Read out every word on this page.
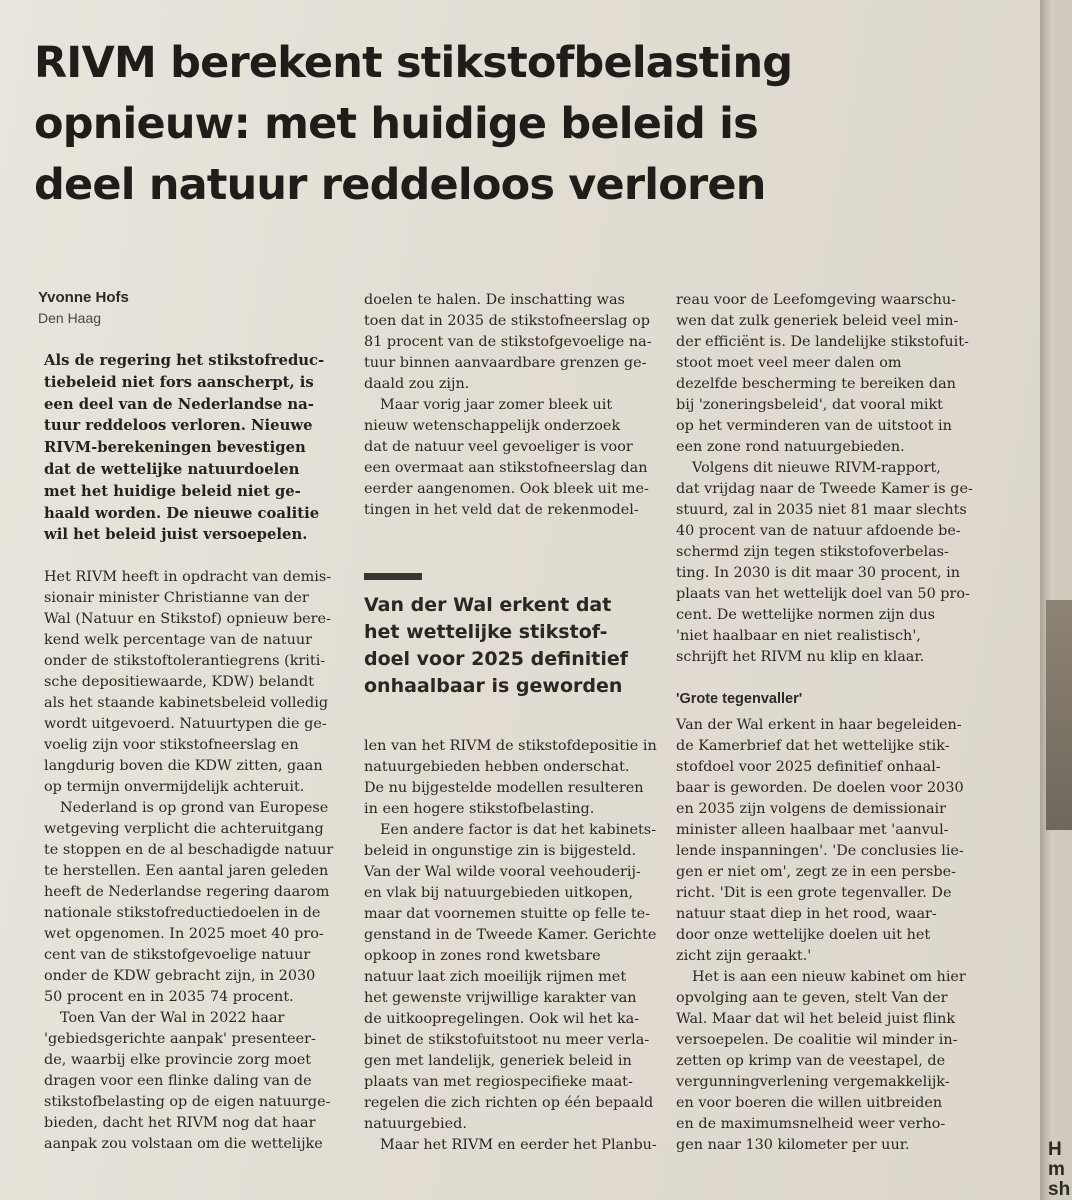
H
m
sh
RIVM berekent stikstofbelasting
opnieuw: met huidige beleid is
deel natuur reddeloos verloren
Yvonne Hofs
Den Haag
Als de regering het stikstofreduc-
tiebeleid niet fors aanscherpt, is
een deel van de Nederlandse na-
tuur reddeloos verloren. Nieuwe
RIVM-berekeningen bevestigen
dat de wettelijke natuurdoelen
met het huidige beleid niet ge-
haald worden. De nieuwe coalitie
wil het beleid juist versoepelen.
Het RIVM heeft in opdracht van demis-
sionair minister Christianne van der
Wal (Natuur en Stikstof) opnieuw bere-
kend welk percentage van de natuur
onder de stikstoftolerantiegrens (kriti-
sche depositiewaarde, KDW) belandt
als het staande kabinetsbeleid volledig
wordt uitgevoerd. Natuurtypen die ge-
voelig zijn voor stikstofneerslag en
langdurig boven die KDW zitten, gaan
op termijn onvermijdelijk achteruit.
Nederland is op grond van Europese
wetgeving verplicht die achteruitgang
te stoppen en de al beschadigde natuur
te herstellen. Een aantal jaren geleden
heeft de Nederlandse regering daarom
nationale stikstofreductiedoelen in de
wet opgenomen. In 2025 moet 40 pro-
cent van de stikstofgevoelige natuur
onder de KDW gebracht zijn, in 2030
50 procent en in 2035 74 procent.
Toen Van der Wal in 2022 haar
'gebiedsgerichte aanpak' presenteer-
de, waarbij elke provincie zorg moet
dragen voor een flinke daling van de
stikstofbelasting op de eigen natuurge-
bieden, dacht het RIVM nog dat haar
aanpak zou volstaan om die wettelijke
doelen te halen. De inschatting was
toen dat in 2035 de stikstofneerslag op
81 procent van de stikstofgevoelige na-
tuur binnen aanvaardbare grenzen ge-
daald zou zijn.
Maar vorig jaar zomer bleek uit
nieuw wetenschappelijk onderzoek
dat de natuur veel gevoeliger is voor
een overmaat aan stikstofneerslag dan
eerder aangenomen. Ook bleek uit me-
tingen in het veld dat de rekenmodel-
Van der Wal erkent dat
het wettelijke stikstof-
doel voor 2025 definitief
onhaalbaar is geworden
len van het RIVM de stikstofdepositie in
natuurgebieden hebben onderschat.
De nu bijgestelde modellen resulteren
in een hogere stikstofbelasting.
Een andere factor is dat het kabinets-
beleid in ongunstige zin is bijgesteld.
Van der Wal wilde vooral veehouderij-
en vlak bij natuurgebieden uitkopen,
maar dat voornemen stuitte op felle te-
genstand in de Tweede Kamer. Gerichte
opkoop in zones rond kwetsbare
natuur laat zich moeilijk rijmen met
het gewenste vrijwillige karakter van
de uitkoopregelingen. Ook wil het ka-
binet de stikstofuitstoot nu meer verla-
gen met landelijk, generiek beleid in
plaats van met regiospecifieke maat-
regelen die zich richten op één bepaald
natuurgebied.
Maar het RIVM en eerder het Planbu-
reau voor de Leefomgeving waarschu-
wen dat zulk generiek beleid veel min-
der efficiënt is. De landelijke stikstofuit-
stoot moet veel meer dalen om
dezelfde bescherming te bereiken dan
bij 'zoneringsbeleid', dat vooral mikt
op het verminderen van de uitstoot in
een zone rond natuurgebieden.
Volgens dit nieuwe RIVM-rapport,
dat vrijdag naar de Tweede Kamer is ge-
stuurd, zal in 2035 niet 81 maar slechts
40 procent van de natuur afdoende be-
schermd zijn tegen stikstofoverbelas-
ting. In 2030 is dit maar 30 procent, in
plaats van het wettelijk doel van 50 pro-
cent. De wettelijke normen zijn dus
'niet haalbaar en niet realistisch',
schrijft het RIVM nu klip en klaar.
'Grote tegenvaller'
Van der Wal erkent in haar begeleiden-
de Kamerbrief dat het wettelijke stik-
stofdoel voor 2025 definitief onhaal-
baar is geworden. De doelen voor 2030
en 2035 zijn volgens de demissionair
minister alleen haalbaar met 'aanvul-
lende inspanningen'. 'De conclusies lie-
gen er niet om', zegt ze in een persbe-
richt. 'Dit is een grote tegenvaller. De
natuur staat diep in het rood, waar-
door onze wettelijke doelen uit het
zicht zijn geraakt.'
Het is aan een nieuw kabinet om hier
opvolging aan te geven, stelt Van der
Wal. Maar dat wil het beleid juist flink
versoepelen. De coalitie wil minder in-
zetten op krimp van de veestapel, de
vergunningverlening vergemakkelijk-
en voor boeren die willen uitbreiden
en de maximumsnelheid weer verho-
gen naar 130 kilometer per uur.
